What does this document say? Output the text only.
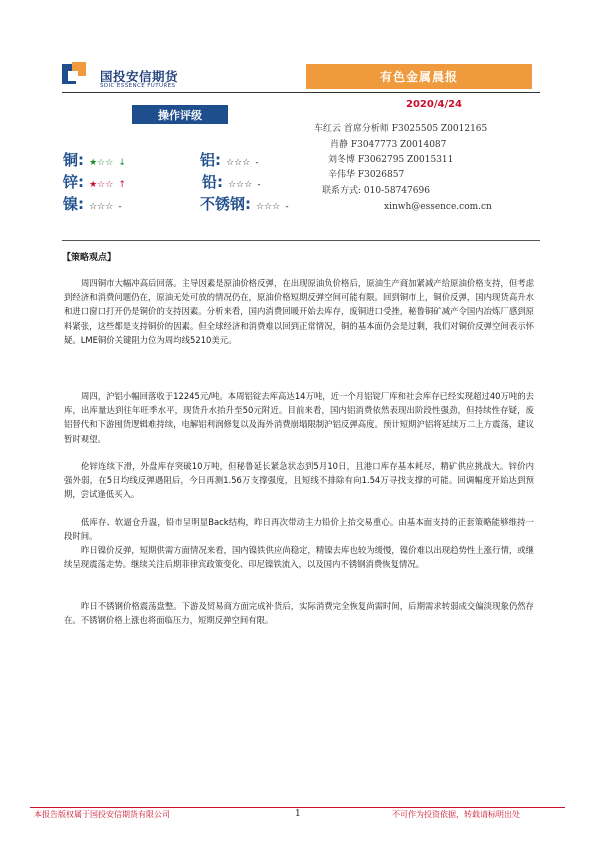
国投安信期货
SDIC ESSENCE FUTURES
有色金属晨报
2020/4/24
操作评级
铜: ★☆☆ ↓	铝: ☆☆☆ -
锌: ★☆☆ ↑	铅: ☆☆☆ -
镍: ☆☆☆ -	不锈钢: ☆☆☆ -
车红云 首席分析师 F3025505 Z0012165
肖静 F3047773 Z0014087
刘冬博 F3062795 Z0015311
辛伟华 F3026857
联系方式: 010-58747696
xinwh@essence.com.cn
【策略观点】
周四铜市大幅冲高后回落。主导因素是原油价格反弹，在出现原油负价格后，原油生产商加紧减产给原油价格支持，但考虑到经济和消费问题仍在，原油无处可放的情况仍在，原油价格短期反弹空间可能有限。回到铜市上，铜价反弹，国内现货高升水和进口窗口打开仍是铜价的支持因素。分析来看，国内消费回暖开始去库存，废铜进口受挫，秘鲁铜矿减产令国内冶炼厂感到原料紧张，这些都是支持铜价的因素。但全球经济和消费难以回到正常情况，铜的基本面仍会是过剩，我们对铜价反弹空间表示怀疑。LME铜价关键阻力位为周均线5210美元。
周四，沪铝小幅回落收于12245元/吨。本周铝锭去库高达14万吨，近一个月铝锭厂库和社会库存已经实现超过40万吨的去库，出库量达到往年旺季水平，现货升水抬升至50元附近。目前来看，国内铝消费依然表现出阶段性强劲，但持续性存疑，废铝替代和下游囤货逻辑难持续，电解铝利润修复以及海外消费崩塌限制沪铝反弹高度。预计短期沪铝将延续万二上方震荡，建议暂时观望。
伦锌连续下滑，外盘库存突破10万吨，但秘鲁延长紧急状态到5月10日，且港口库存基本耗尽，精矿供应挑战大。锌价内强外弱，在5日均线反弹遇阻后，今日再测1.56万支撑强度，且短线不排除有向1.54万寻找支撑的可能。回调幅度开始达到预期，尝试逢低买入。
低库存、软逼仓升温，铅市呈明显Back结构，昨日再次带动主力铅价上抬交易重心。由基本面支持的正套策略能够维持一段时间。
昨日镍价反弹，短期供需方面情况来看，国内镍铁供应尚稳定，精镍去库也较为缓慢，镍价难以出现趋势性上涨行情，或继续呈现震荡走势。继续关注后期菲律宾政策变化、印尼镍铁流入，以及国内不锈钢消费恢复情况。
昨日不锈钢价格震荡盘整。下游及贸易商方面完成补货后，实际消费完全恢复尚需时间，后期需求转弱成交偏淡现象仍然存在。不锈钢价格上涨也将面临压力，短期反弹空间有限。
本报告版权属于国投安信期货有限公司	1	不可作为投资依据，转载请标明出处
